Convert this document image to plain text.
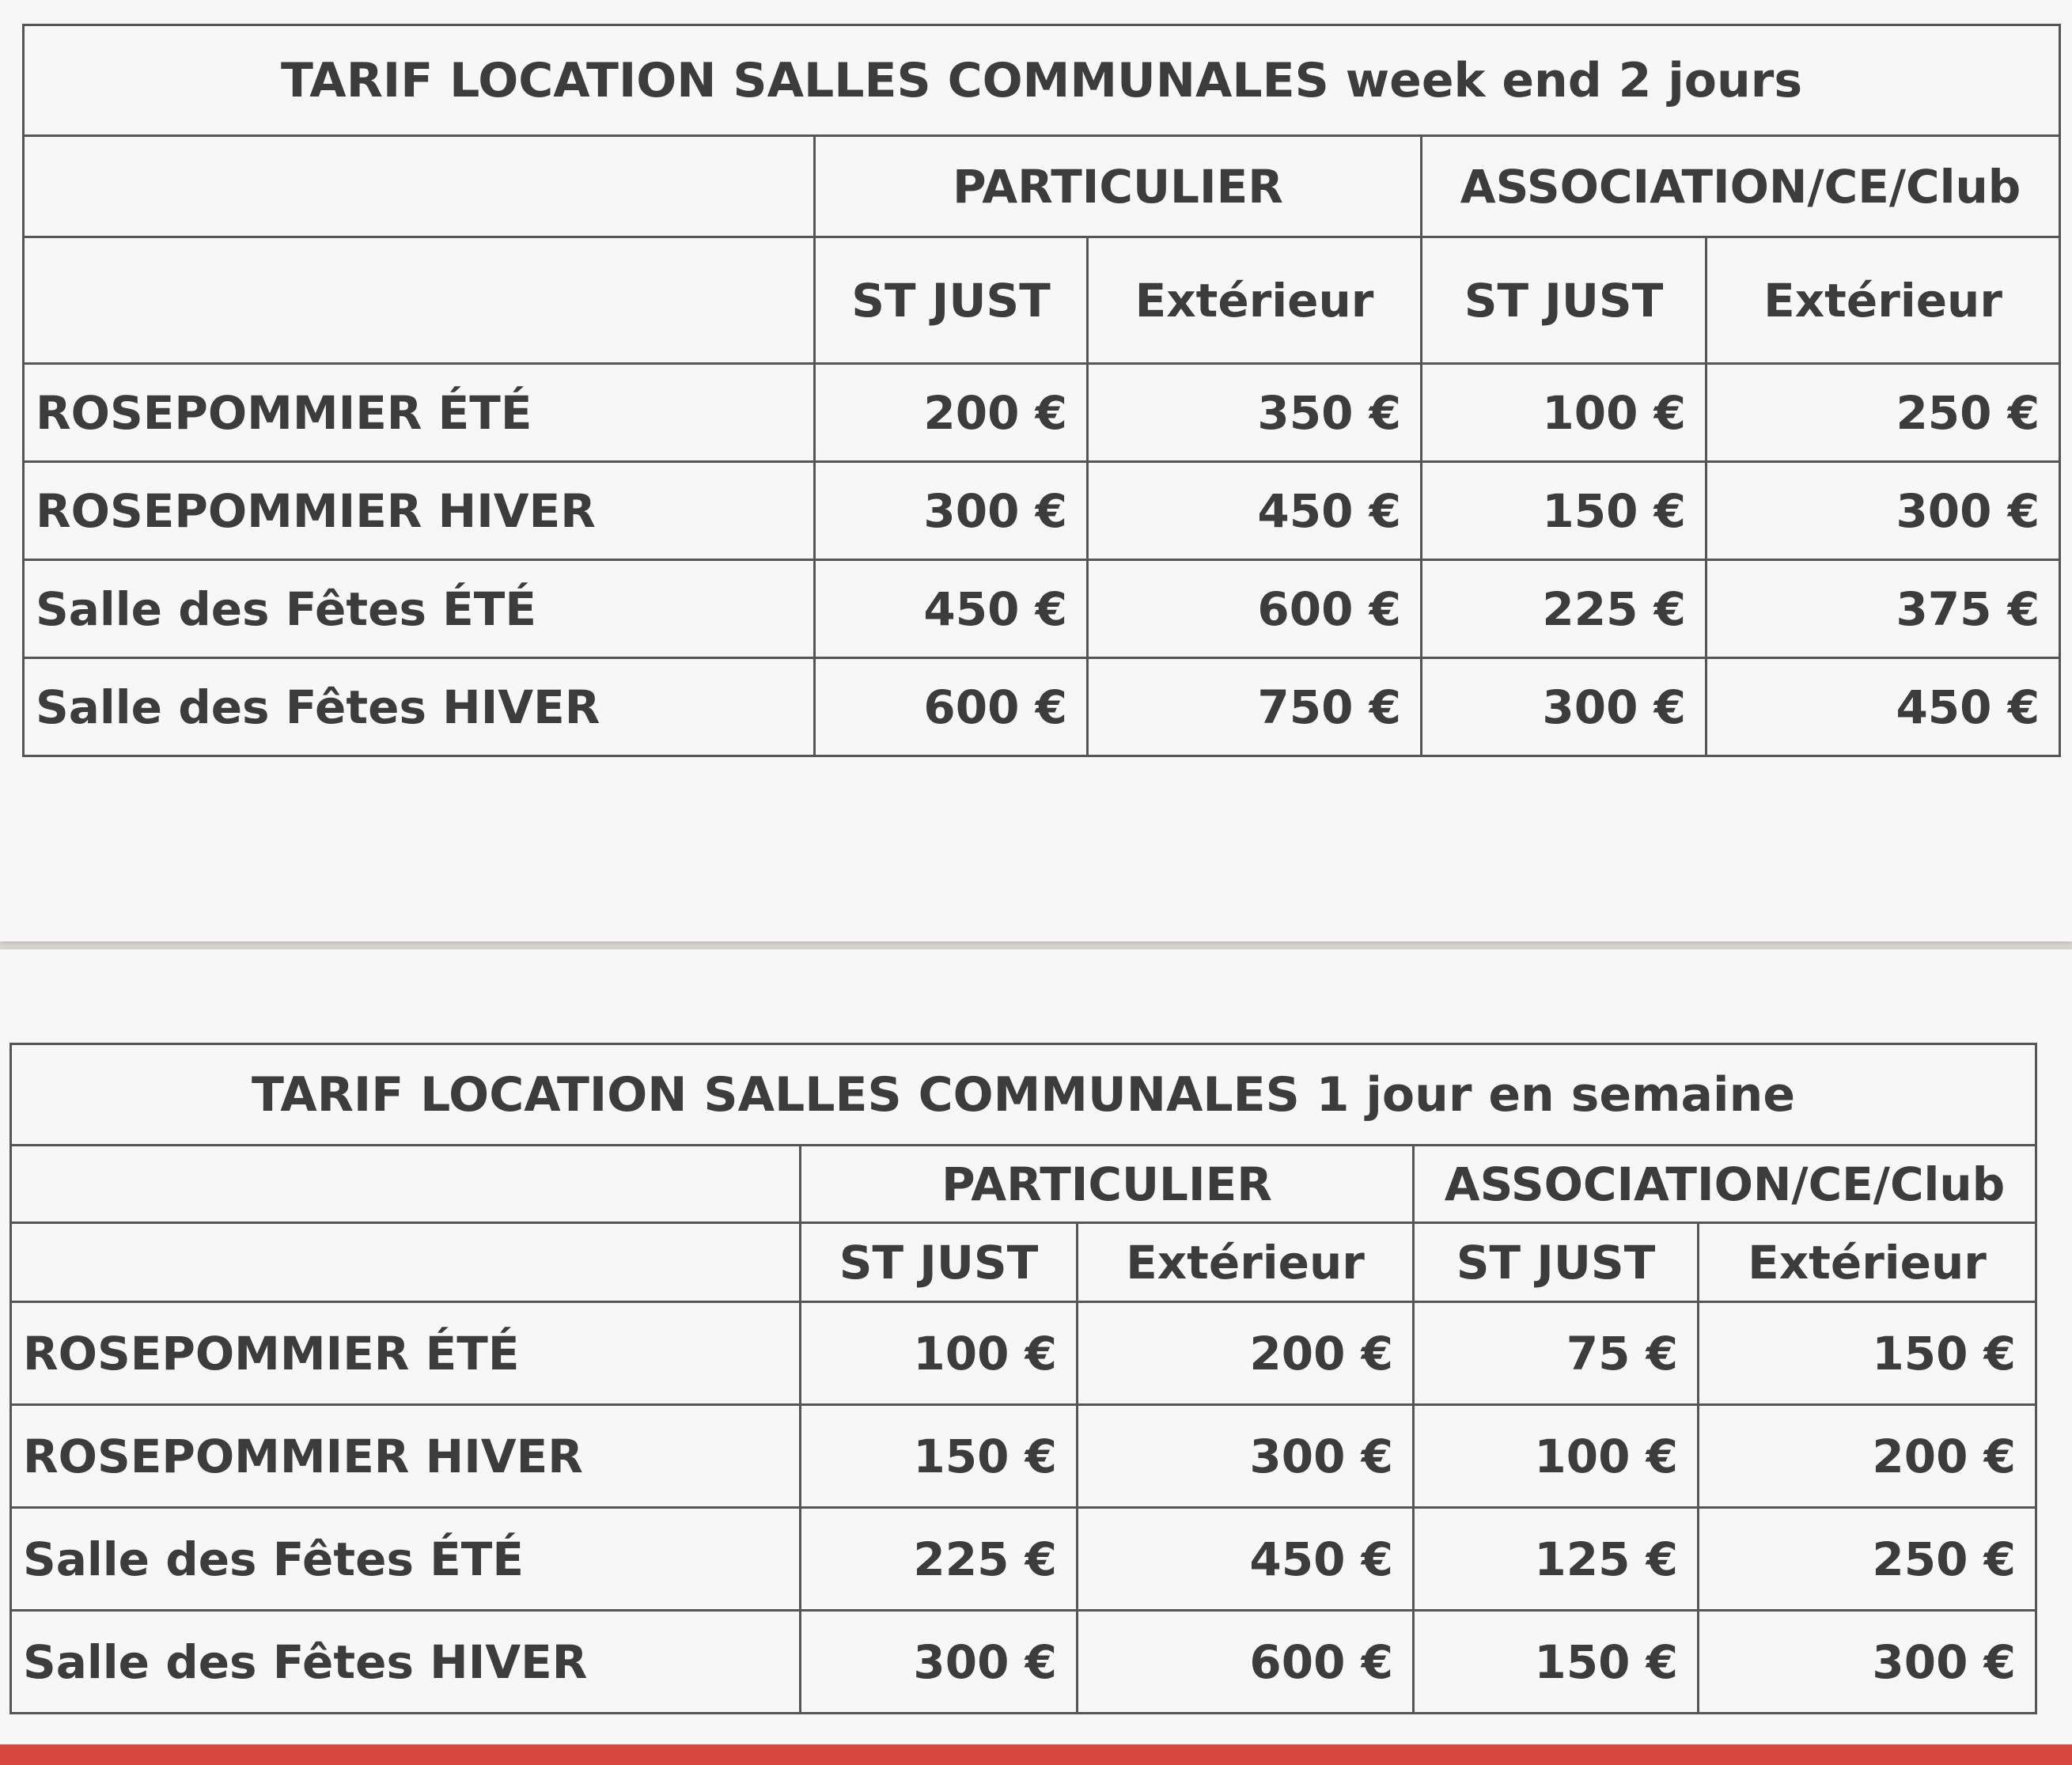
TARIF LOCATION SALLES COMMUNALES week end 2 jours				
	PARTICULIER		ASSOCIATION/CE/Club	
	ST JUST	Extérieur	ST JUST	Extérieur
ROSEPOMMIER ÉTÉ	200 €	350 €	100 €	250 €
ROSEPOMMIER HIVER	300 €	450 €	150 €	300 €
Salle des Fêtes ÉTÉ	450 €	600 €	225 €	375 €
Salle des Fêtes HIVER	600 €	750 €	300 €	450 €
TARIF LOCATION SALLES COMMUNALES 1 jour en semaine				
	PARTICULIER		ASSOCIATION/CE/Club	
	ST JUST	Extérieur	ST JUST	Extérieur
ROSEPOMMIER ÉTÉ	100 €	200 €	75 €	150 €
ROSEPOMMIER HIVER	150 €	300 €	100 €	200 €
Salle des Fêtes ÉTÉ	225 €	450 €	125 €	250 €
Salle des Fêtes HIVER	300 €	600 €	150 €	300 €
